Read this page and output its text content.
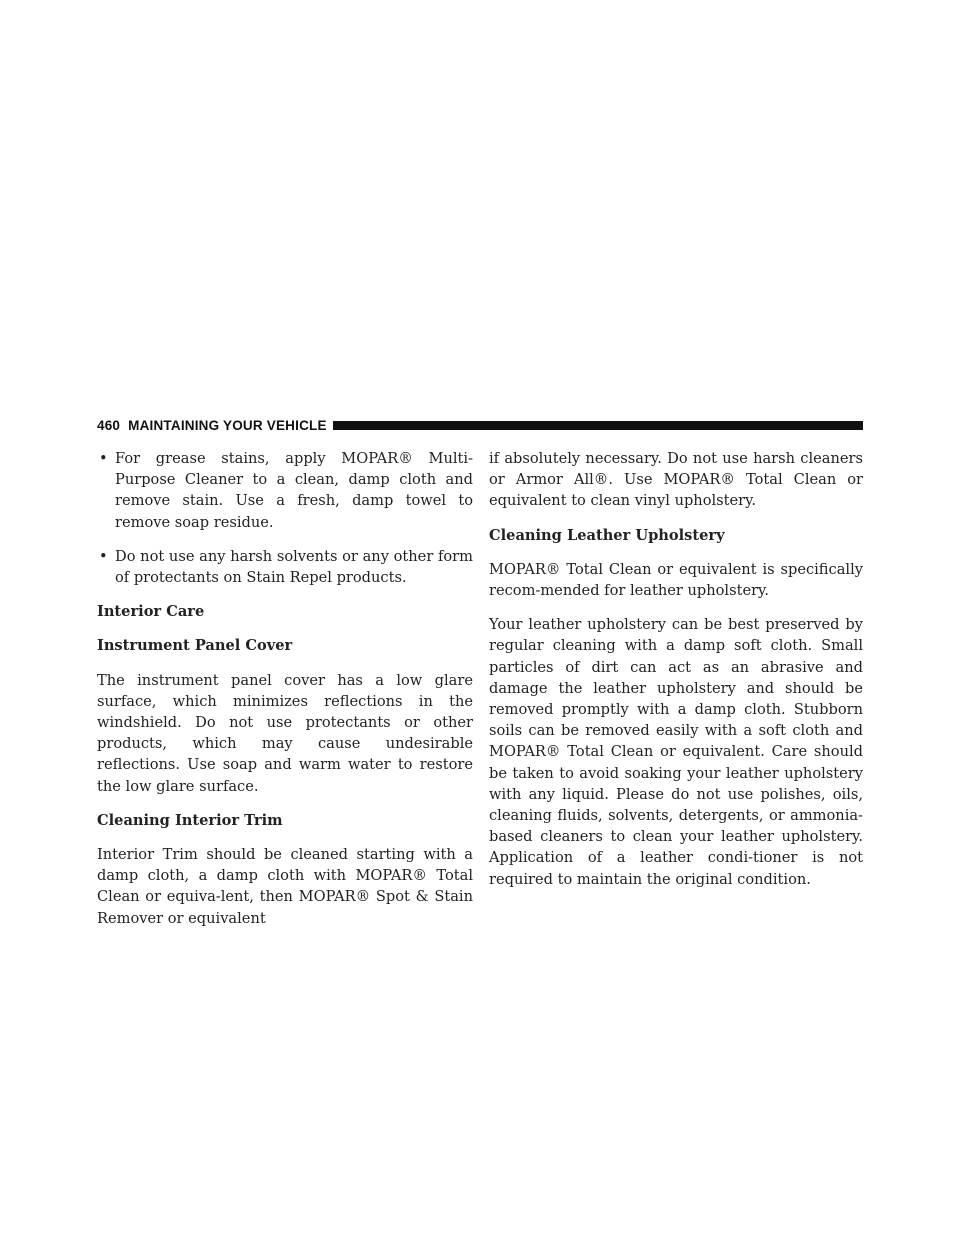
460 MAINTAINING YOUR VEHICLE
• For grease stains, apply MOPAR® Multi-Purpose Cleaner to a clean, damp cloth and remove stain. Use a fresh, damp towel to remove soap residue.
• Do not use any harsh solvents or any other form of protectants on Stain Repel products.
Interior Care
Instrument Panel Cover

The instrument panel cover has a low glare surface, which minimizes reflections in the windshield. Do not use protectants or other products, which may cause undesirable reflections. Use soap and warm water to restore the low glare surface.

Cleaning Interior Trim

Interior Trim should be cleaned starting with a damp cloth, a damp cloth with MOPAR® Total Clean or equiva-lent, then MOPAR® Spot & Stain Remover or equivalent

if absolutely necessary. Do not use harsh cleaners or Armor All®. Use MOPAR® Total Clean or equivalent to clean vinyl upholstery.

Cleaning Leather Upholstery

MOPAR® Total Clean or equivalent is specifically recom-mended for leather upholstery.

Your leather upholstery can be best preserved by regular cleaning with a damp soft cloth. Small particles of dirt can act as an abrasive and damage the leather upholstery and should be removed promptly with a damp cloth. Stubborn soils can be removed easily with a soft cloth and MOPAR® Total Clean or equivalent. Care should be taken to avoid soaking your leather upholstery with any liquid. Please do not use polishes, oils, cleaning fluids, solvents, detergents, or ammonia-based cleaners to clean your leather upholstery. Application of a leather condi-tioner is not required to maintain the original condition.
